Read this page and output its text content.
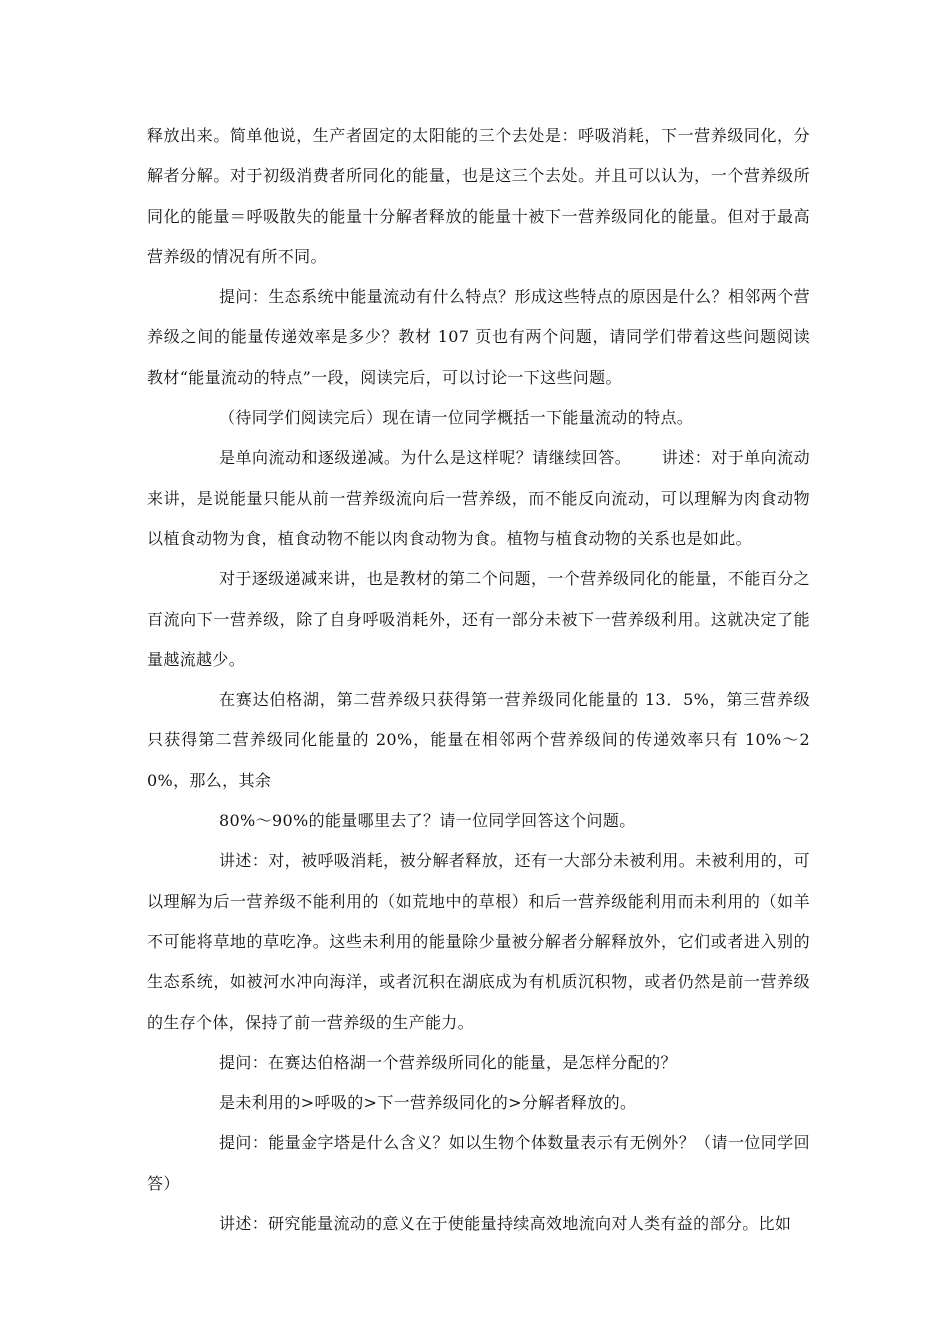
释放出来。简单他说，生产者固定的太阳能的三个去处是：呼吸消耗，下一营养级同化，分解者分解。对于初级消费者所同化的能量，也是这三个去处。并且可以认为，一个营养级所同化的能量＝呼吸散失的能量十分解者释放的能量十被下一营养级同化的能量。但对于最高营养级的情况有所不同。

提问：生态系统中能量流动有什么特点？形成这些特点的原因是什么？相邻两个营养级之间的能量传递效率是多少？教材 107 页也有两个问题，请同学们带着这些问题阅读教材“能量流动的特点”一段，阅读完后，可以讨论一下这些问题。

（待同学们阅读完后）现在请一位同学概括一下能量流动的特点。

是单向流动和逐级递减。为什么是这样呢？请继续回答。　　 讲述：对于单向流动来讲，是说能量只能从前一营养级流向后一营养级，而不能反向流动，可以理解为肉食动物以植食动物为食，植食动物不能以肉食动物为食。植物与植食动物的关系也是如此。

对于逐级递减来讲，也是教材的第二个问题，一个营养级同化的能量，不能百分之百流向下一营养级，除了自身呼吸消耗外，还有一部分未被下一营养级利用。这就决定了能量越流越少。

在赛达伯格湖，第二营养级只获得第一营养级同化能量的 13．5%，第三营养级只获得第二营养级同化能量的 20%，能量在相邻两个营养级间的传递效率只有 10%～20%，那么，其余

80%～90%的能量哪里去了？请一位同学回答这个问题。

讲述：对，被呼吸消耗，被分解者释放，还有一大部分未被利用。未被利用的，可以理解为后一营养级不能利用的（如荒地中的草根）和后一营养级能利用而未利用的（如羊不可能将草地的草吃净。这些未利用的能量除少量被分解者分解释放外，它们或者进入别的生态系统，如被河水冲向海洋，或者沉积在湖底成为有机质沉积物，或者仍然是前一营养级的生存个体，保持了前一营养级的生产能力。

提问：在赛达伯格湖一个营养级所同化的能量，是怎样分配的？

是未利用的>呼吸的>下一营养级同化的>分解者释放的。

提问：能量金字塔是什么含义？如以生物个体数量表示有无例外？（请一位同学回答）

讲述：研究能量流动的意义在于使能量持续高效地流向对人类有益的部分。比如
